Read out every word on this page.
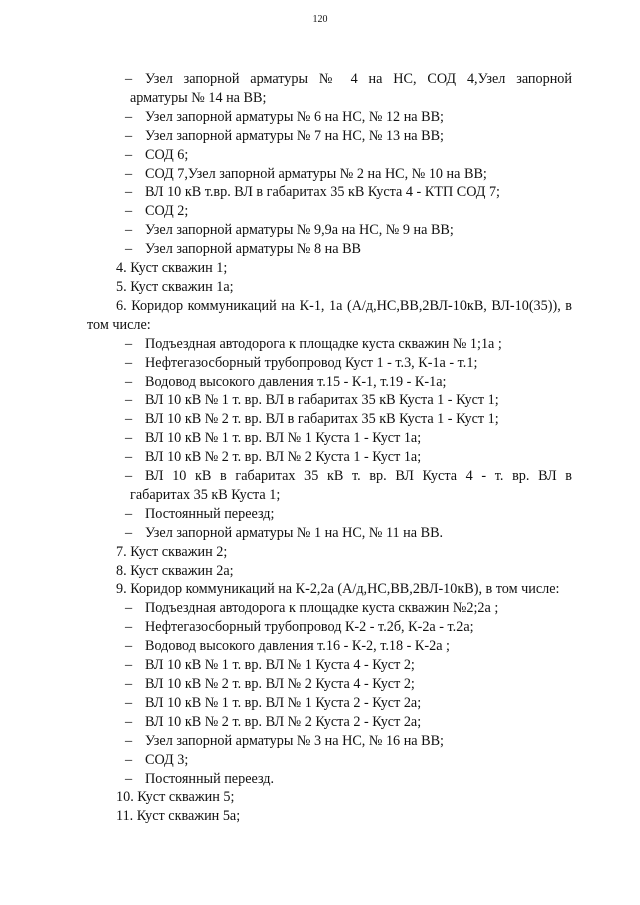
120
– Узел запорной арматуры № 4 на НС, СОД 4,Узел запорной
арматуры № 14 на ВВ;
– Узел запорной арматуры № 6 на НС, № 12 на ВВ;
– Узел запорной арматуры № 7 на НС, № 13 на ВВ;
– СОД 6;
– СОД 7,Узел запорной арматуры № 2 на НС, № 10 на ВВ;
– ВЛ 10 кВ т.вр. ВЛ в габаритах 35 кВ Куста 4 - КТП СОД 7;
– СОД 2;
– Узел запорной арматуры № 9,9а на НС, № 9 на ВВ;
– Узел запорной арматуры № 8 на ВВ
4. Куст скважин 1;
5. Куст скважин 1а;
6. Коридор коммуникаций на К-1, 1а (А/д,НС,ВВ,2ВЛ-10кВ, ВЛ-10(35)), в том числе:
– Подъездная автодорога к площадке куста скважин № 1;1а ;
– Нефтегазосборный трубопровод Куст 1 - т.3, К-1а - т.1;
– Водовод высокого давления т.15 - К-1, т.19 - К-1а;
– ВЛ 10 кВ № 1 т. вр. ВЛ в габаритах 35 кВ Куста 1 - Куст 1;
– ВЛ 10 кВ № 2 т. вр. ВЛ в габаритах 35 кВ Куста 1 - Куст 1;
– ВЛ 10 кВ № 1 т. вр. ВЛ № 1 Куста 1 - Куст 1а;
– ВЛ 10 кВ № 2 т. вр. ВЛ № 2 Куста 1 - Куст 1а;
– ВЛ 10 кВ в габаритах 35 кВ т. вр. ВЛ Куста 4 - т. вр. ВЛ в
габаритах 35 кВ Куста 1;
– Постоянный переезд;
– Узел запорной арматуры № 1 на НС, № 11 на ВВ.
7. Куст скважин 2;
8. Куст скважин 2а;
9. Коридор коммуникаций на К-2,2а (А/д,НС,ВВ,2ВЛ-10кВ), в том числе:
– Подъездная автодорога к площадке куста скважин №2;2а ;
– Нефтегазосборный трубопровод К-2 - т.2б, К-2а - т.2а;
– Водовод высокого давления т.16 - К-2, т.18 - К-2а ;
– ВЛ 10 кВ № 1 т. вр. ВЛ № 1 Куста 4 - Куст 2;
– ВЛ 10 кВ № 2 т. вр. ВЛ № 2 Куста 4 - Куст 2;
– ВЛ 10 кВ № 1 т. вр. ВЛ № 1 Куста 2 - Куст 2а;
– ВЛ 10 кВ № 2 т. вр. ВЛ № 2 Куста 2 - Куст 2а;
– Узел запорной арматуры № 3 на НС, № 16 на ВВ;
– СОД 3;
– Постоянный переезд.
10. Куст скважин 5;
11. Куст скважин 5а;
